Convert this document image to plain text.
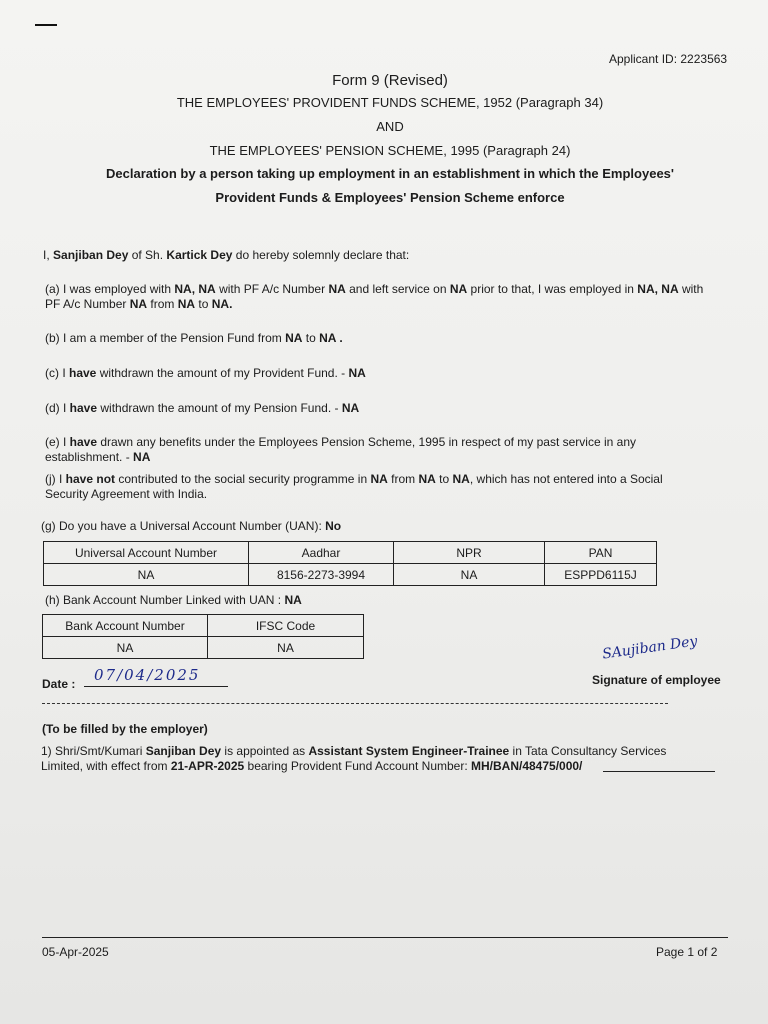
Applicant ID: 2223563
Form 9 (Revised)
THE EMPLOYEES' PROVIDENT FUNDS SCHEME, 1952 (Paragraph 34)
AND
THE EMPLOYEES' PENSION SCHEME, 1995 (Paragraph 24)
Declaration by a person taking up employment in an establishment in which the Employees'
Provident Funds & Employees' Pension Scheme enforce
I, Sanjiban Dey of Sh. Kartick Dey do hereby solemnly declare that:
(a) I was employed with NA, NA with PF A/c Number NA and left service on NA prior to that, I was employed in NA, NA with
PF A/c Number NA from NA to NA.
(b) I am a member of the Pension Fund from NA to NA .
(c) I have withdrawn the amount of my Provident Fund. - NA
(d) I have withdrawn the amount of my Pension Fund. - NA
(e) I have drawn any benefits under the Employees Pension Scheme, 1995 in respect of my past service in any
establishment. - NA
(j) I have not contributed to the social security programme in NA from NA to NA, which has not entered into a Social
Security Agreement with India.
(g) Do you have a Universal Account Number (UAN): No
Universal Account Number	Aadhar	NPR	PAN
NA	8156-2273-3994	NA	ESPPD6115J
(h) Bank Account Number Linked with UAN : NA
Bank Account Number	IFSC Code
NA	NA
Date : 07/04/2025
SAujiban Dey
Signature of employee
(To be filled by the employer)
1) Shri/Smt/Kumari Sanjiban Dey is appointed as Assistant System Engineer-Trainee in Tata Consultancy Services
Limited, with effect from 21-APR-2025 bearing Provident Fund Account Number: MH/BAN/48475/000/
05-Apr-2025	Page 1 of 2
